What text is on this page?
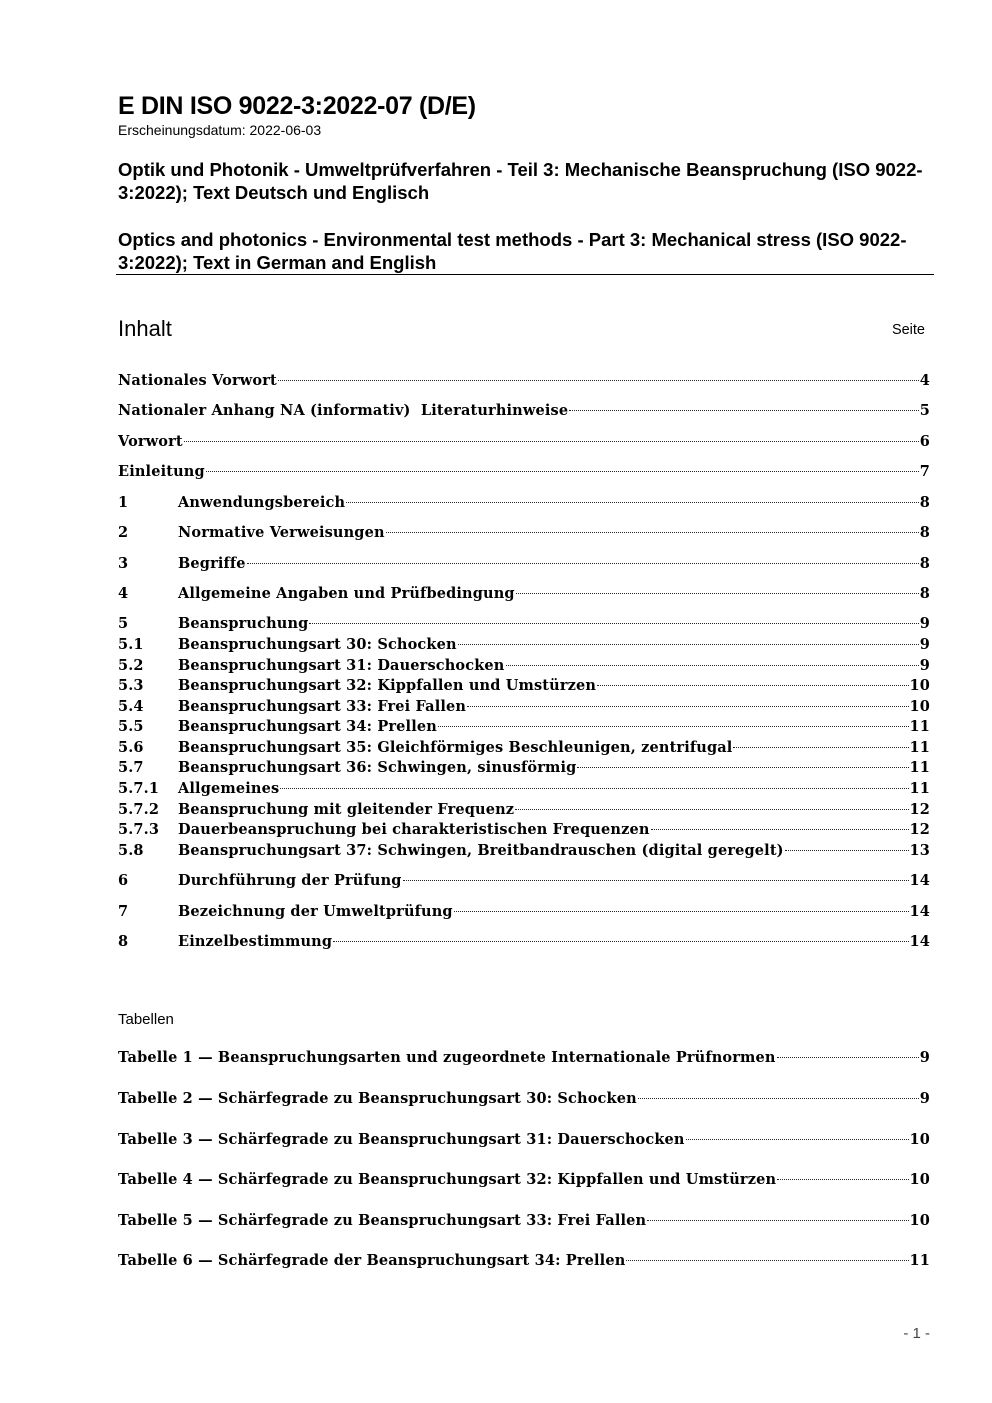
E DIN ISO 9022-3:2022-07 (D/E)
Erscheinungsdatum: 2022-06-03
Optik und Photonik - Umweltprüfverfahren - Teil 3: Mechanische Beanspruchung (ISO 9022-3:2022); Text Deutsch und Englisch
Optics and photonics - Environmental test methods - Part 3: Mechanical stress (ISO 9022-3:2022); Text in German and English
Inhalt	Seite
Nationales Vorwort	4
Nationaler Anhang NA (informativ)  Literaturhinweise	5
Vorwort	6
Einleitung	7
1	Anwendungsbereich	8
2	Normative Verweisungen	8
3	Begriffe	8
4	Allgemeine Angaben und Prüfbedingung	8
5	Beanspruchung	9
5.1	Beanspruchungsart 30: Schocken	9
5.2	Beanspruchungsart 31: Dauerschocken	9
5.3	Beanspruchungsart 32: Kippfallen und Umstürzen	10
5.4	Beanspruchungsart 33: Frei Fallen	10
5.5	Beanspruchungsart 34: Prellen	11
5.6	Beanspruchungsart 35: Gleichförmiges Beschleunigen, zentrifugal	11
5.7	Beanspruchungsart 36: Schwingen, sinusförmig	11
5.7.1	Allgemeines	11
5.7.2	Beanspruchung mit gleitender Frequenz	12
5.7.3	Dauerbeanspruchung bei charakteristischen Frequenzen	12
5.8	Beanspruchungsart 37: Schwingen, Breitbandrauschen (digital geregelt)	13
6	Durchführung der Prüfung	14
7	Bezeichnung der Umweltprüfung	14
8	Einzelbestimmung	14
Tabellen
Tabelle 1 — Beanspruchungsarten und zugeordnete Internationale Prüfnormen	9
Tabelle 2 — Schärfegrade zu Beanspruchungsart 30: Schocken	9
Tabelle 3 — Schärfegrade zu Beanspruchungsart 31: Dauerschocken	10
Tabelle 4 — Schärfegrade zu Beanspruchungsart 32: Kippfallen und Umstürzen	10
Tabelle 5 — Schärfegrade zu Beanspruchungsart 33: Frei Fallen	10
Tabelle 6 — Schärfegrade der Beanspruchungsart 34: Prellen	11
- 1 -
